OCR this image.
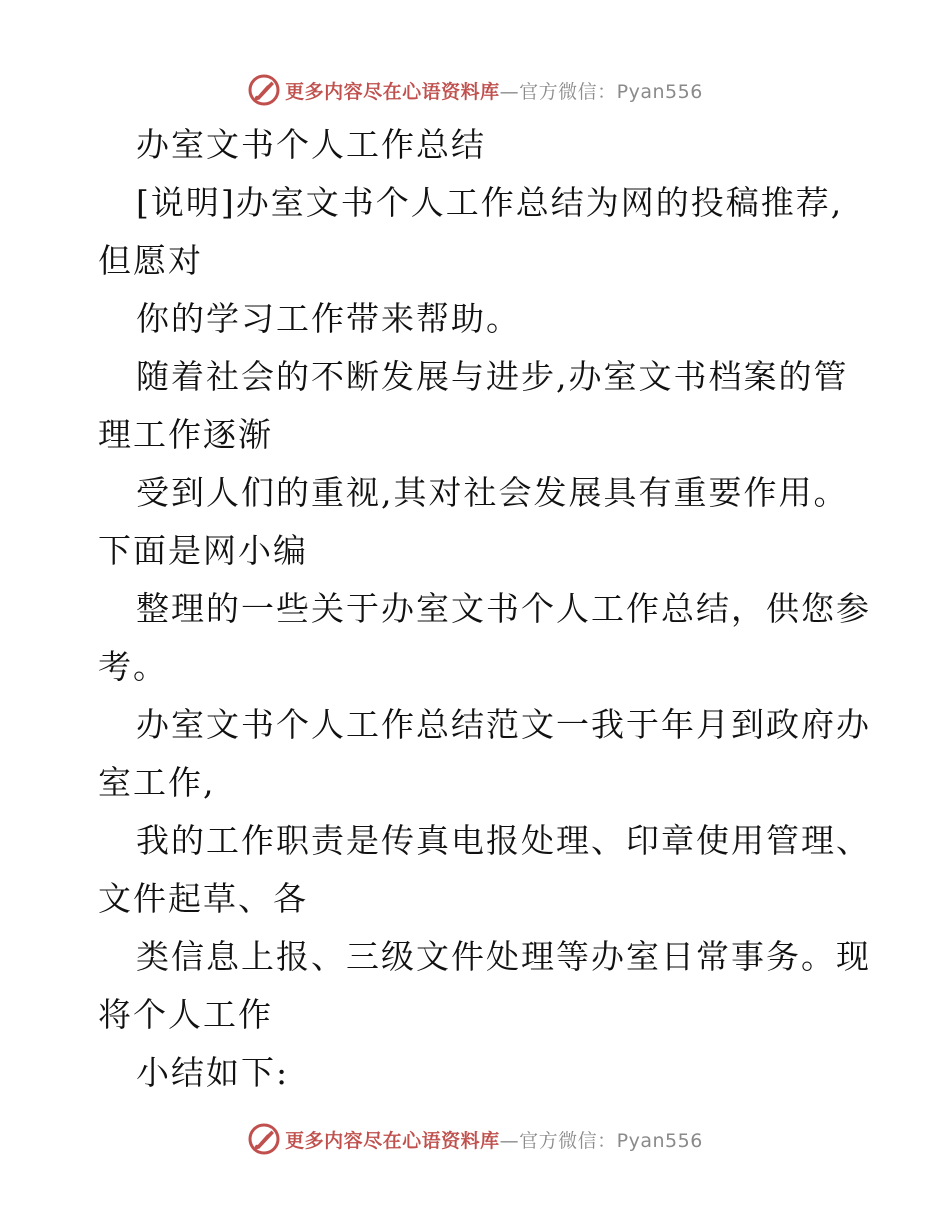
更多内容尽在心语资料库—官方微信：Pyan556
办室文书个人工作总结
[说明]办室文书个人工作总结为网的投稿推荐,
但愿对
你的学习工作带来帮助。
随着社会的不断发展与进步,办室文书档案的管
理工作逐渐
受到人们的重视,其对社会发展具有重要作用。
下面是网小编
整理的一些关于办室文书个人工作总结，供您参
考。
办室文书个人工作总结范文一我于年月到政府办
室工作,
我的工作职责是传真电报处理、印章使用管理、
文件起草、各
类信息上报、三级文件处理等办室日常事务。现
将个人工作
小结如下:
更多内容尽在心语资料库—官方微信：Pyan556
